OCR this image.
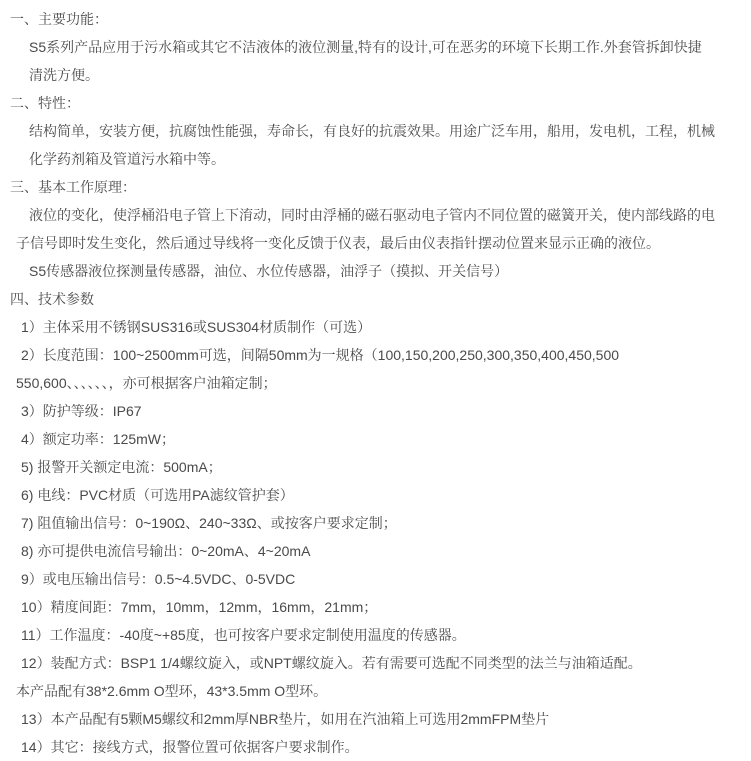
一、主要功能：
S5系列产品应用于污水箱或其它不洁液体的液位测量,特有的设计,可在恶劣的环境下长期工作.外套管拆卸快捷
清洗方便。
二、特性：
结构简单，安装方便，抗腐蚀性能强，寿命长，有良好的抗震效果。用途广泛车用，船用，发电机，工程，机械
化学药剂箱及管道污水箱中等。
三、基本工作原理：
液位的变化，使浮桶沿电子管上下淯动，同时由浮桶的磁石驱动电子管内不同位置的磁簧开关，使内部线路的电
子信号即时发生变化，然后通过导线将一变化反馈于仪表，最后由仪表指针摆动位置来显示正确的液位。
S5传感器液位探测量传感器，油位、水位传感器，油浮子（摸拟、开关信号）
四、技术参数
1）主体采用不锈钢SUS316或SUS304材质制作（可选）
2）长度范围：100~2500mm可选，间隔50mm为一规格（100,150,200,250,300,350,400,450,500
550,600、、、、、、，亦可根据客户油箱定制；
3）防护等级：IP67
4）额定功率：125mW；
5) 报警开关额定电流：500mA；
6) 电线：PVC材质（可选用PA滤纹管护套）
7) 阻值输出信号：0~190Ω、240~33Ω、或按客户要求定制；
8) 亦可提供电流信号输出：0~20mA、4~20mA
9）或电压输出信号：0.5~4.5VDC、0-5VDC
10）精度间距：7mm，10mm，12mm，16mm，21mm；
11）工作温度：-40度~+85度，也可按客户要求定制使用温度的传感器。
12）装配方式：BSP1 1/4螺纹旋入，或NPT螺纹旋入。若有需要可选配不同类型的法兰与油箱适配。
本产品配有38*2.6mm O型环，43*3.5mm O型环。
13）本产品配有5颗M5螺纹和2mm厚NBR垫片，如用在汽油箱上可选用2mmFPM垫片
14）其它：接线方式，报警位置可依据客户要求制作。
